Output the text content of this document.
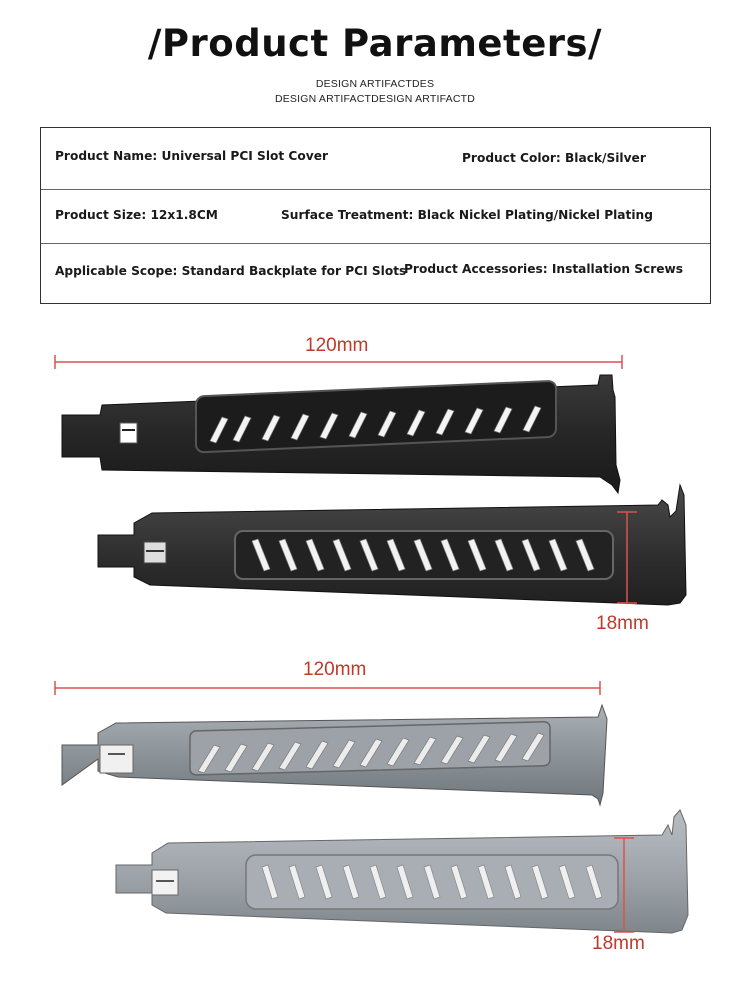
/Product Parameters/
DESIGN ARTIFACTDES
DESIGN ARTIFACTDESIGN ARTIFACTD
Product Name: Universal PCI Slot Cover	Product Color: Black/Silver
Product Size: 12x1.8CM	Surface Treatment: Black Nickel Plating/Nickel Plating
Applicable Scope: Standard Backplate for PCI Slots
Product Accessories: Installation Screws
120mm
18mm
120mm
18mm
